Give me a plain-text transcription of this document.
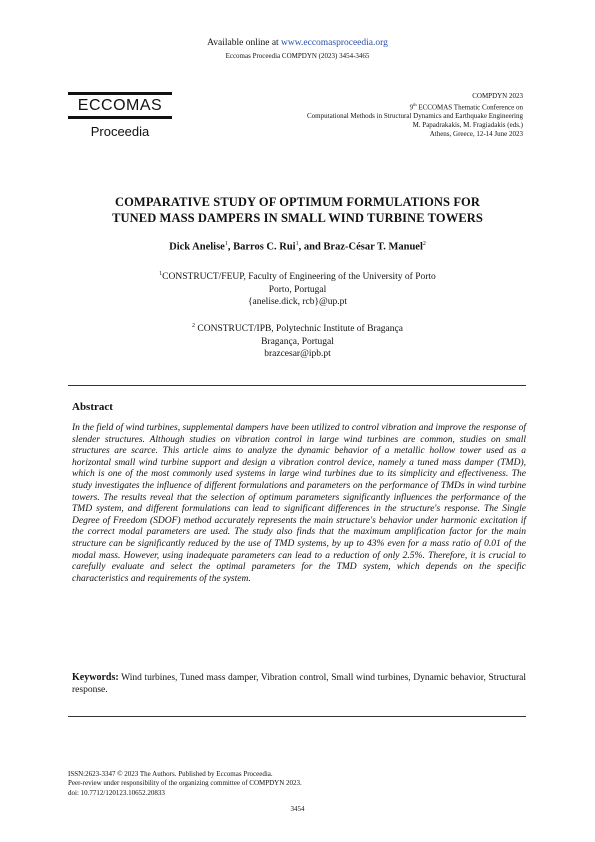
Available online at www.eccomasproceedia.org
Eccomas Proceedia COMPDYN (2023) 3454-3465
ECCOMAS
Proceedia
COMPDYN 2023
9th ECCOMAS Thematic Conference on
Computational Methods in Structural Dynamics and Earthquake Engineering
M. Papadrakakis, M. Fragiadakis (eds.)
Athens, Greece, 12-14 June 2023
COMPARATIVE STUDY OF OPTIMUM FORMULATIONS FOR
TUNED MASS DAMPERS IN SMALL WIND TURBINE TOWERS
Dick Anelise$^1$, Barros C. Rui$^1$, and Braz-César T. Manuel$^2$
$^1$CONSTRUCT/FEUP, Faculty of Engineering of the University of Porto
Porto, Portugal
{anelise.dick, rcb}@up.pt
$^2$ CONSTRUCT/IPB, Polytechnic Institute of Bragança
Bragança, Portugal
brazcesar@ipb.pt
Abstract
In the field of wind turbines, supplemental dampers have been utilized to control vibration and improve the response of slender structures. Although studies on vibration control in large wind turbines are common, studies on small structures are scarce. This article aims to analyze the dynamic behavior of a metallic hollow tower used as a horizontal small wind turbine support and design a vibration control device, namely a tuned mass damper (TMD), which is one of the most commonly used systems in large wind turbines due to its simplicity and effectiveness. The study investigates the influence of different formulations and parameters on the performance of TMDs in wind turbine towers. The results reveal that the selection of optimum parameters significantly influences the performance of the TMD system, and different formulations can lead to significant differences in the structure's response. The Single Degree of Freedom (SDOF) method accurately represents the main structure's behavior under harmonic excitation if the correct modal parameters are used. The study also finds that the maximum amplification factor for the main structure can be significantly reduced by the use of TMD systems, by up to 43% even for a mass ratio of 0.01 of the modal mass. However, using inadequate parameters can lead to a reduction of only 2.5%. Therefore, it is crucial to carefully evaluate and select the optimal parameters for the TMD system, which depends on the specific characteristics and requirements of the system.
Keywords: Wind turbines, Tuned mass damper, Vibration control, Small wind turbines, Dynamic behavior, Structural response.
ISSN:2623-3347 © 2023 The Authors. Published by Eccomas Proceedia.
Peer-review under responsibility of the organizing committee of COMPDYN 2023.
doi: 10.7712/120123.10652.20833
3454
